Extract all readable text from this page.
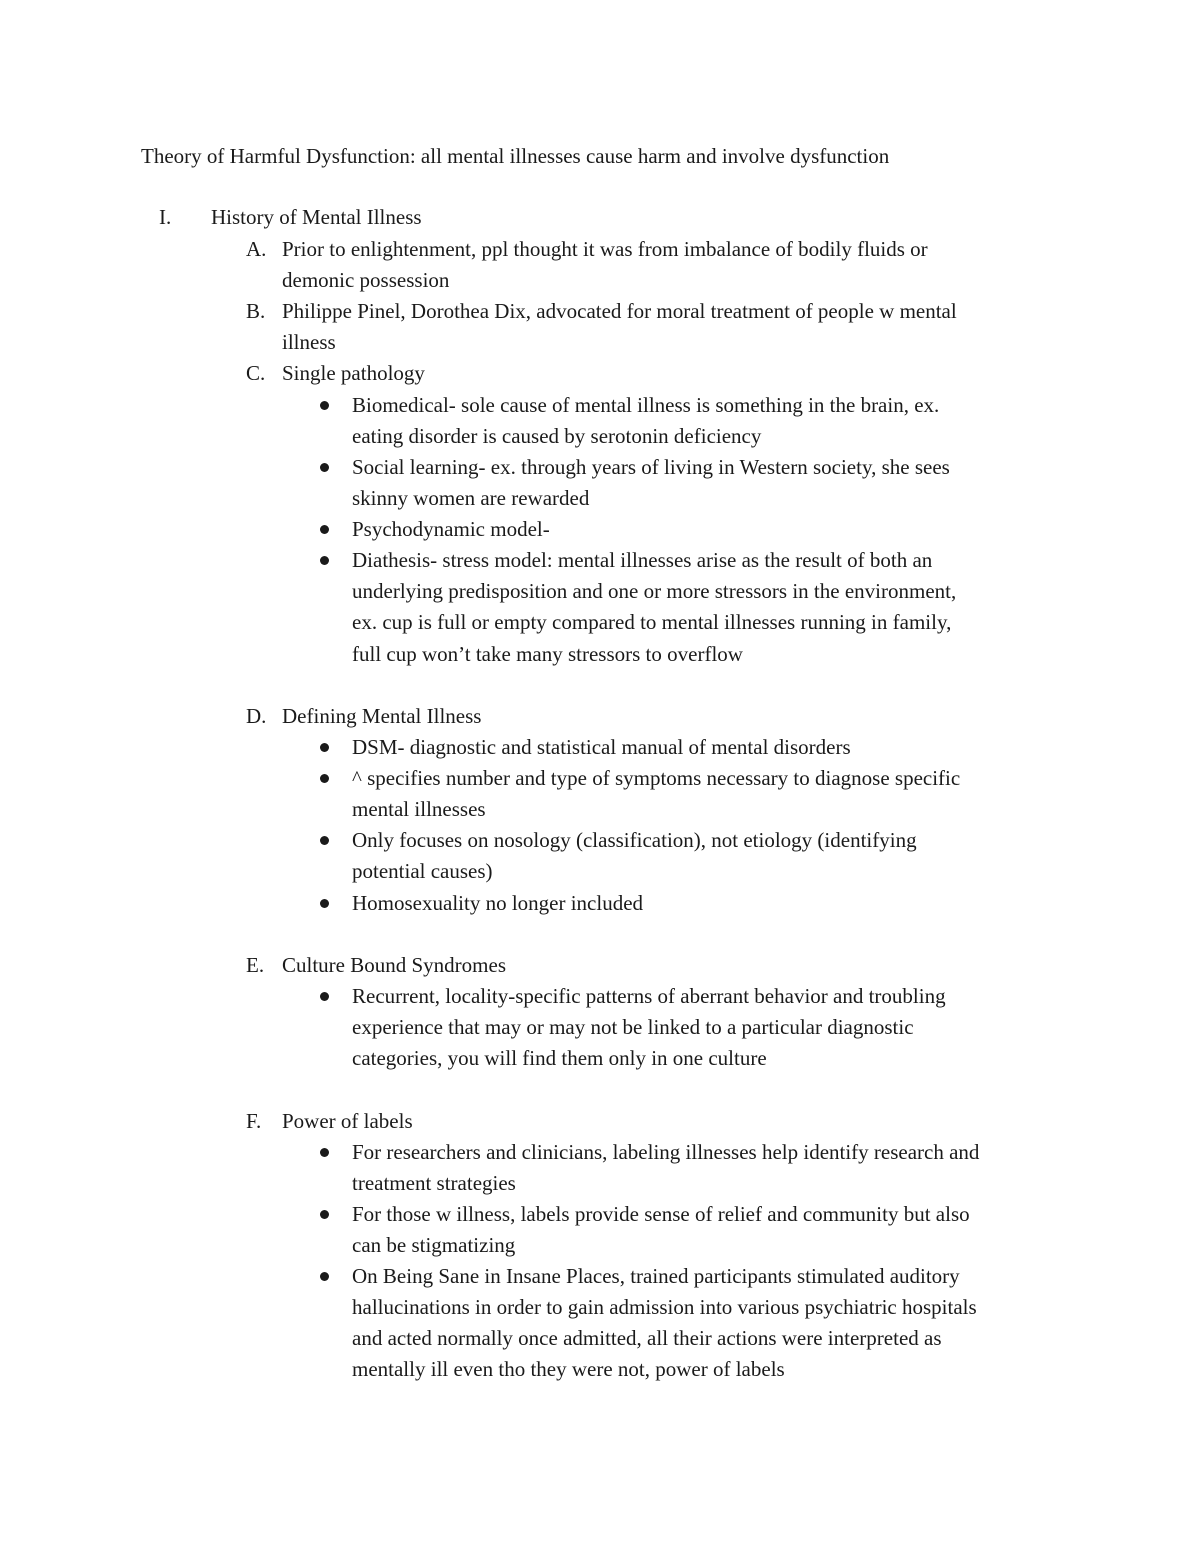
Theory of Harmful Dysfunction: all mental illnesses cause harm and involve dysfunction
I. History of Mental Illness
A. Prior to enlightenment, ppl thought it was from imbalance of bodily fluids or
demonic possession
B. Philippe Pinel, Dorothea Dix, advocated for moral treatment of people w mental
illness
C. Single pathology
Biomedical- sole cause of mental illness is something in the brain, ex.
eating disorder is caused by serotonin deficiency
Social learning- ex. through years of living in Western society, she sees
skinny women are rewarded
Psychodynamic model-
Diathesis- stress model: mental illnesses arise as the result of both an
underlying predisposition and one or more stressors in the environment,
ex. cup is full or empty compared to mental illnesses running in family,
full cup won’t take many stressors to overflow
D. Defining Mental Illness
DSM- diagnostic and statistical manual of mental disorders
^ specifies number and type of symptoms necessary to diagnose specific
mental illnesses
Only focuses on nosology (classification), not etiology (identifying
potential causes)
Homosexuality no longer included
E. Culture Bound Syndromes
Recurrent, locality-specific patterns of aberrant behavior and troubling
experience that may or may not be linked to a particular diagnostic
categories, you will find them only in one culture
F. Power of labels
For researchers and clinicians, labeling illnesses help identify research and
treatment strategies
For those w illness, labels provide sense of relief and community but also
can be stigmatizing
On Being Sane in Insane Places, trained participants stimulated auditory
hallucinations in order to gain admission into various psychiatric hospitals
and acted normally once admitted, all their actions were interpreted as
mentally ill even tho they were not, power of labels
